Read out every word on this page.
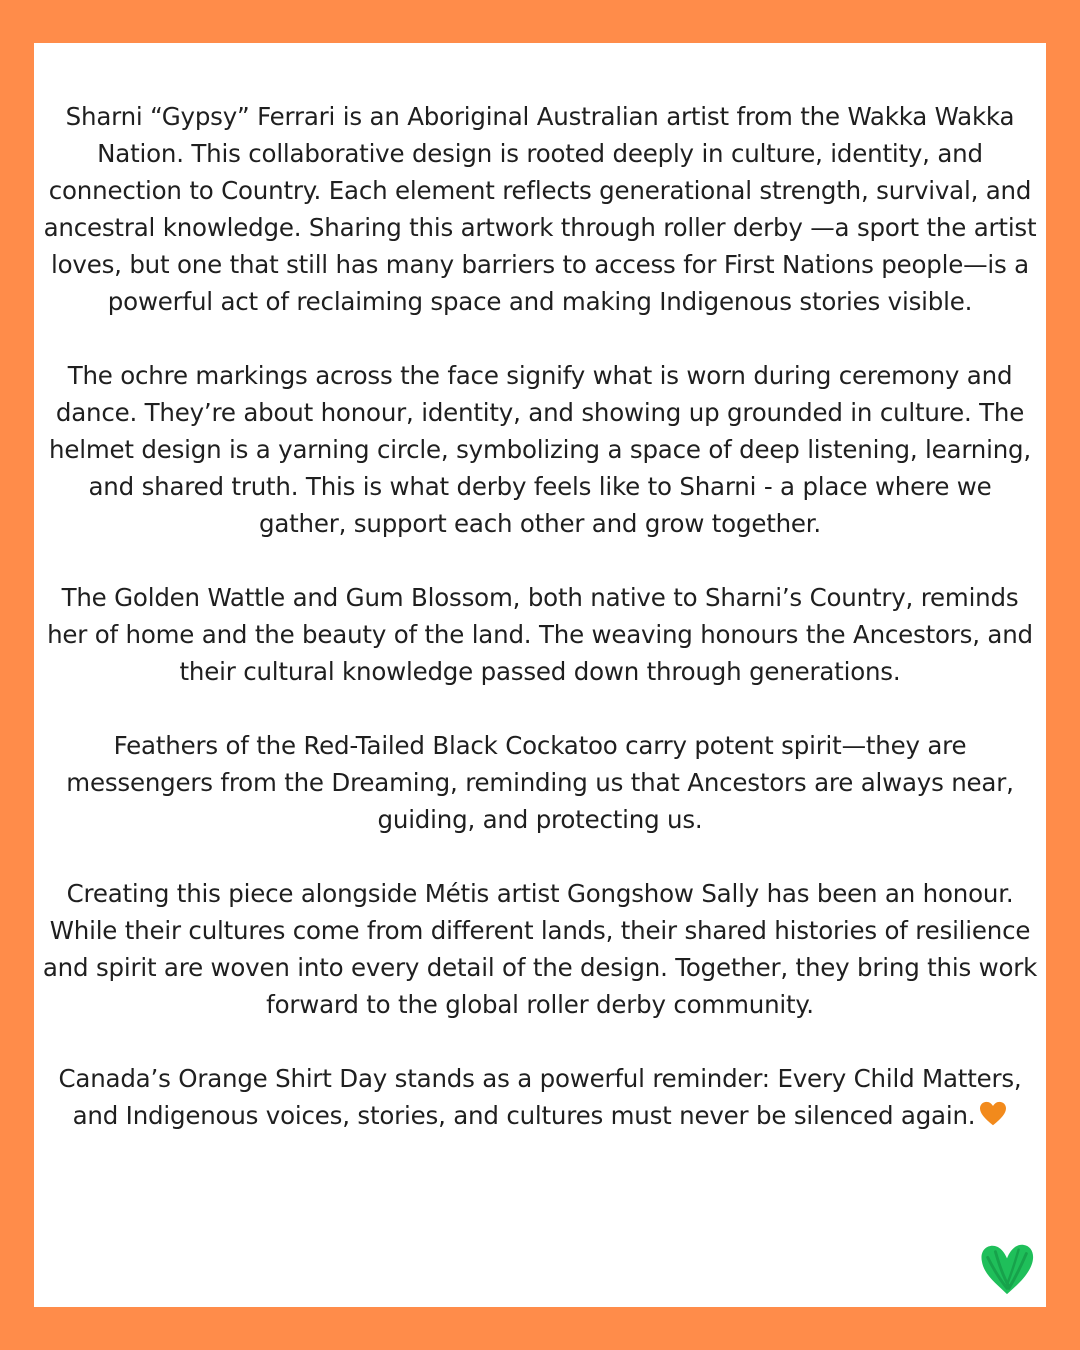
Sharni “Gypsy” Ferrari is an Aboriginal Australian artist from the Wakka Wakka Nation. This collaborative design is rooted deeply in culture, identity, and connection to Country. Each element reflects generational strength, survival, and ancestral knowledge. Sharing this artwork through roller derby —a sport the artist loves, but one that still has many barriers to access for First Nations people—is a powerful act of reclaiming space and making Indigenous stories visible.

The ochre markings across the face signify what is worn during ceremony and dance. They’re about honour, identity, and showing up grounded in culture. The helmet design is a yarning circle, symbolizing a space of deep listening, learning, and shared truth. This is what derby feels like to Sharni - a place where we gather, support each other and grow together.

The Golden Wattle and Gum Blossom, both native to Sharni’s Country, reminds her of home and the beauty of the land. The weaving honours the Ancestors, and their cultural knowledge passed down through generations.

Feathers of the Red-Tailed Black Cockatoo carry potent spirit—they are messengers from the Dreaming, reminding us that Ancestors are always near, guiding, and protecting us.

Creating this piece alongside Métis artist Gongshow Sally has been an honour. While their cultures come from different lands, their shared histories of resilience and spirit are woven into every detail of the design. Together, they bring this work forward to the global roller derby community.

Canada’s Orange Shirt Day stands as a powerful reminder: Every Child Matters, and Indigenous voices, stories, and cultures must never be silenced again.
